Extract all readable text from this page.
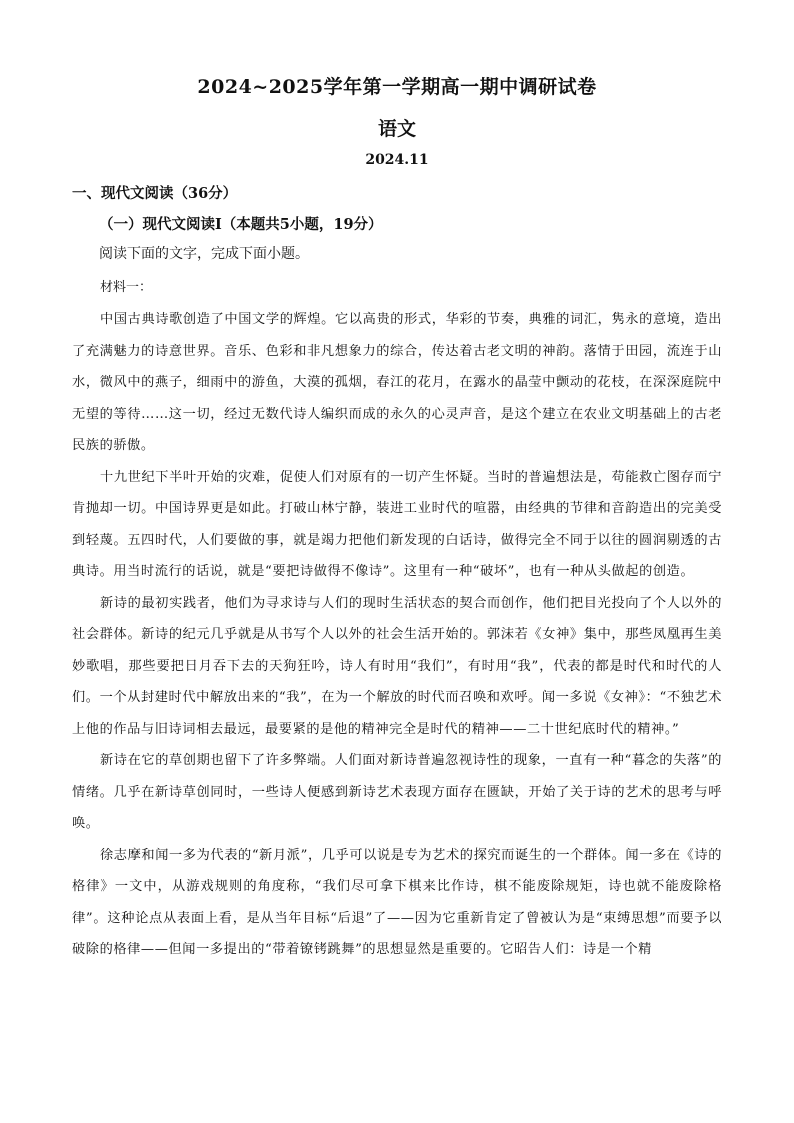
2024~2025学年第一学期高一期中调研试卷
语文
2024.11
一、现代文阅读（36分）
（一）现代文阅读Ⅰ（本题共5小题，19分）
阅读下面的文字，完成下面小题。
材料一：

中国古典诗歌创造了中国文学的辉煌。它以高贵的形式，华彩的节奏，典雅的词汇，隽永的意境，造出了充满魅力的诗意世界。音乐、色彩和非凡想象力的综合，传达着古老文明的神韵。落情于田园，流连于山水，微风中的燕子，细雨中的游鱼，大漠的孤烟，春江的花月，在露水的晶莹中颤动的花枝，在深深庭院中无望的等待……这一切，经过无数代诗人编织而成的永久的心灵声音，是这个建立在农业文明基础上的古老民族的骄傲。

十九世纪下半叶开始的灾难，促使人们对原有的一切产生怀疑。当时的普遍想法是，苟能救亡图存而宁肯抛却一切。中国诗界更是如此。打破山林宁静，装进工业时代的喧嚣，由经典的节律和音韵造出的完美受到轻蔑。五四时代，人们要做的事，就是竭力把他们新发现的白话诗，做得完全不同于以往的圆润剔透的古典诗。用当时流行的话说，就是“要把诗做得不像诗”。这里有一种“破坏”，也有一种从头做起的创造。

新诗的最初实践者，他们为寻求诗与人们的现时生活状态的契合而创作，他们把目光投向了个人以外的社会群体。新诗的纪元几乎就是从书写个人以外的社会生活开始的。郭沫若《女神》集中，那些凤凰再生美妙歌唱，那些要把日月吞下去的天狗狂吟，诗人有时用“我们”，有时用“我”，代表的都是时代和时代的人们。一个从封建时代中解放出来的“我”，在为一个解放的时代而召唤和欢呼。闻一多说《女神》：“不独艺术上他的作品与旧诗词相去最远，最要紧的是他的精神完全是时代的精神——二十世纪底时代的精神。”

新诗在它的草创期也留下了许多弊端。人们面对新诗普遍忽视诗性的现象，一直有一种“暮念的失落”的情绪。几乎在新诗草创同时，一些诗人便感到新诗艺术表现方面存在匮缺，开始了关于诗的艺术的思考与呼唤。

徐志摩和闻一多为代表的“新月派”，几乎可以说是专为艺术的探究而诞生的一个群体。闻一多在《诗的格律》一文中，从游戏规则的角度称，“我们尽可拿下棋来比作诗，棋不能废除规矩，诗也就不能废除格律”。这种论点从表面上看，是从当年目标“后退”了——因为它重新肯定了曾被认为是“束缚思想”而要予以破除的格律——但闻一多提出的“带着镣铐跳舞”的思想显然是重要的。它昭告人们：诗是一个精
